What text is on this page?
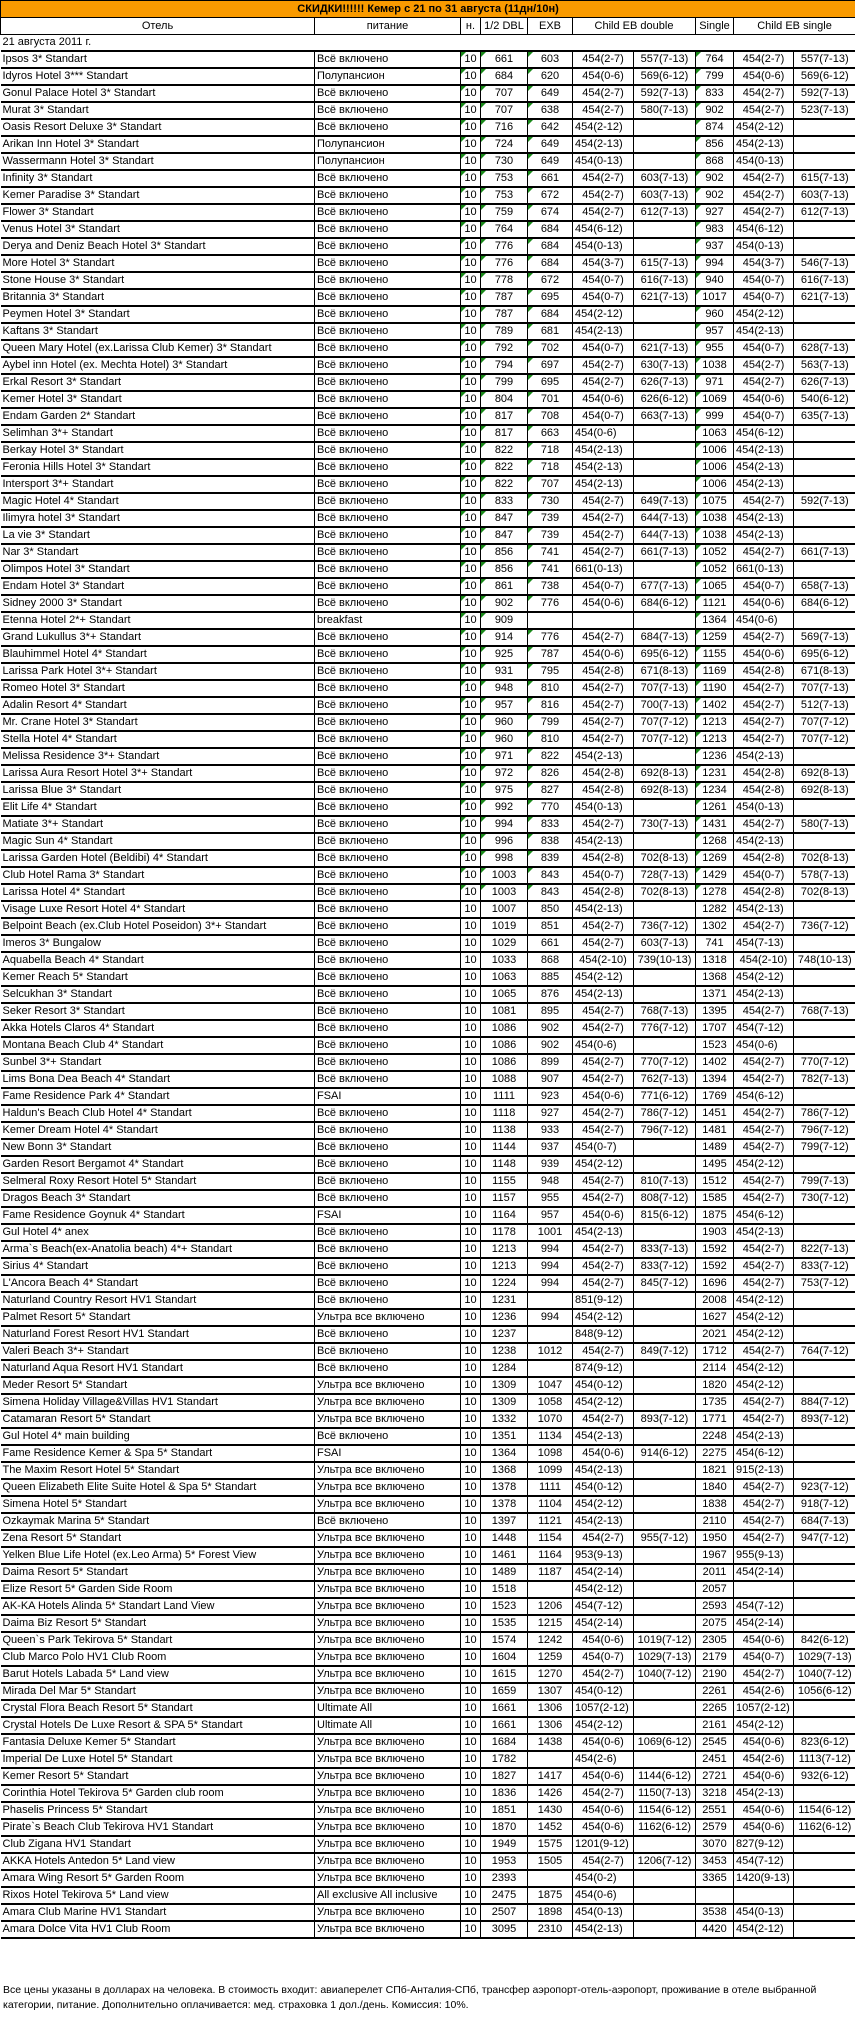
СКИДКИ!!!!!! Кемер с 21 по 31 августа (11дн/10н)									
Отель	питание	н.	1/2 DBL	EXB	Child EB double		Single	Child EB single	
21 августа 2011 г.									
Ipsos 3* Standart	Всё включено	10	661	603	454(2-7)	557(7-13)	764	454(2-7)	557(7-13)
Idyros Hotel 3*** Standart	Полупансион	10	684	620	454(0-6)	569(6-12)	799	454(0-6)	569(6-12)
Gonul Palace Hotel 3* Standart	Всё включено	10	707	649	454(2-7)	592(7-13)	833	454(2-7)	592(7-13)
Murat 3* Standart	Всё включено	10	707	638	454(2-7)	580(7-13)	902	454(2-7)	523(7-13)
Oasis Resort Deluxe 3* Standart	Всё включено	10	716	642	454(2-12)		874	454(2-12)	
Arikan Inn Hotel 3* Standart	Полупансион	10	724	649	454(2-13)		856	454(2-13)	
Wassermann Hotel 3* Standart	Полупансион	10	730	649	454(0-13)		868	454(0-13)	
Infinity 3* Standart	Всё включено	10	753	661	454(2-7)	603(7-13)	902	454(2-7)	615(7-13)
Kemer Paradise 3* Standart	Всё включено	10	753	672	454(2-7)	603(7-13)	902	454(2-7)	603(7-13)
Flower 3* Standart	Всё включено	10	759	674	454(2-7)	612(7-13)	927	454(2-7)	612(7-13)
Venus Hotel 3* Standart	Всё включено	10	764	684	454(6-12)		983	454(6-12)	
Derya and Deniz Beach Hotel 3* Standart	Всё включено	10	776	684	454(0-13)		937	454(0-13)	
More Hotel 3* Standart	Всё включено	10	776	684	454(3-7)	615(7-13)	994	454(3-7)	546(7-13)
Stone House 3* Standart	Всё включено	10	778	672	454(0-7)	616(7-13)	940	454(0-7)	616(7-13)
Britannia 3* Standart	Всё включено	10	787	695	454(0-7)	621(7-13)	1017	454(0-7)	621(7-13)
Peymen Hotel 3* Standart	Всё включено	10	787	684	454(2-12)		960	454(2-12)	
Kaftans 3* Standart	Всё включено	10	789	681	454(2-13)		957	454(2-13)	
Queen Mary Hotel (ex.Larissa Club Kemer) 3* Standart	Всё включено	10	792	702	454(0-7)	621(7-13)	955	454(0-7)	628(7-13)
Aybel inn Hotel (ex. Mechta Hotel) 3* Standart	Всё включено	10	794	697	454(2-7)	630(7-13)	1038	454(2-7)	563(7-13)
Erkal Resort 3* Standart	Всё включено	10	799	695	454(2-7)	626(7-13)	971	454(2-7)	626(7-13)
Kemer Hotel 3* Standart	Всё включено	10	804	701	454(0-6)	626(6-12)	1069	454(0-6)	540(6-12)
Endam Garden 2* Standart	Всё включено	10	817	708	454(0-7)	663(7-13)	999	454(0-7)	635(7-13)
Selimhan 3*+ Standart	Всё включено	10	817	663	454(0-6)		1063	454(6-12)	
Berkay Hotel 3* Standart	Всё включено	10	822	718	454(2-13)		1006	454(2-13)	
Feronia Hills Hotel 3* Standart	Всё включено	10	822	718	454(2-13)		1006	454(2-13)	
Intersport 3*+ Standart	Всё включено	10	822	707	454(2-13)		1006	454(2-13)	
Magic Hotel 4* Standart	Всё включено	10	833	730	454(2-7)	649(7-13)	1075	454(2-7)	592(7-13)
Ilimyra hotel 3* Standart	Всё включено	10	847	739	454(2-7)	644(7-13)	1038	454(2-13)	
La vie 3* Standart	Всё включено	10	847	739	454(2-7)	644(7-13)	1038	454(2-13)	
Nar 3* Standart	Всё включено	10	856	741	454(2-7)	661(7-13)	1052	454(2-7)	661(7-13)
Olimpos Hotel 3* Standart	Всё включено	10	856	741	661(0-13)		1052	661(0-13)	
Endam Hotel 3* Standart	Всё включено	10	861	738	454(0-7)	677(7-13)	1065	454(0-7)	658(7-13)
Sidney 2000 3* Standart	Всё включено	10	902	776	454(0-6)	684(6-12)	1121	454(0-6)	684(6-12)
Etenna Hotel 2*+ Standart	breakfast	10	909				1364	454(0-6)	
Grand Lukullus 3*+ Standart	Всё включено	10	914	776	454(2-7)	684(7-13)	1259	454(2-7)	569(7-13)
Blauhimmel Hotel 4* Standart	Всё включено	10	925	787	454(0-6)	695(6-12)	1155	454(0-6)	695(6-12)
Larissa Park Hotel 3*+ Standart	Всё включено	10	931	795	454(2-8)	671(8-13)	1169	454(2-8)	671(8-13)
Romeo Hotel 3* Standart	Всё включено	10	948	810	454(2-7)	707(7-13)	1190	454(2-7)	707(7-13)
Adalin Resort 4* Standart	Всё включено	10	957	816	454(2-7)	700(7-13)	1402	454(2-7)	512(7-13)
Mr. Crane Hotel 3* Standart	Всё включено	10	960	799	454(2-7)	707(7-12)	1213	454(2-7)	707(7-12)
Stella Hotel 4* Standart	Всё включено	10	960	810	454(2-7)	707(7-12)	1213	454(2-7)	707(7-12)
Melissa Residence 3*+ Standart	Всё включено	10	971	822	454(2-13)		1236	454(2-13)	
Larissa Aura Resort Hotel 3*+ Standart	Всё включено	10	972	826	454(2-8)	692(8-13)	1231	454(2-8)	692(8-13)
Larissa Blue 3* Standart	Всё включено	10	975	827	454(2-8)	692(8-13)	1234	454(2-8)	692(8-13)
Elit Life 4* Standart	Всё включено	10	992	770	454(0-13)		1261	454(0-13)	
Matiate 3*+ Standart	Всё включено	10	994	833	454(2-7)	730(7-13)	1431	454(2-7)	580(7-13)
Magic Sun 4* Standart	Всё включено	10	996	838	454(2-13)		1268	454(2-13)	
Larissa Garden Hotel (Beldibi) 4* Standart	Всё включено	10	998	839	454(2-8)	702(8-13)	1269	454(2-8)	702(8-13)
Club Hotel Rama 3* Standart	Всё включено	10	1003	843	454(0-7)	728(7-13)	1429	454(0-7)	578(7-13)
Larissa Hotel 4* Standart	Всё включено	10	1003	843	454(2-8)	702(8-13)	1278	454(2-8)	702(8-13)
Visage Luxe Resort Hotel 4* Standart	Всё включено	10	1007	850	454(2-13)		1282	454(2-13)	
Belpoint Beach (ex.Club Hotel Poseidon) 3*+ Standart	Всё включено	10	1019	851	454(2-7)	736(7-12)	1302	454(2-7)	736(7-12)
Imeros 3* Bungalow	Всё включено	10	1029	661	454(2-7)	603(7-13)	741	454(7-13)	
Aquabella Beach 4* Standart	Всё включено	10	1033	868	454(2-10)	739(10-13)	1318	454(2-10)	748(10-13)
Kemer Reach 5* Standart	Всё включено	10	1063	885	454(2-12)		1368	454(2-12)	
Selcukhan 3* Standart	Всё включено	10	1065	876	454(2-13)		1371	454(2-13)	
Seker Resort 3* Standart	Всё включено	10	1081	895	454(2-7)	768(7-13)	1395	454(2-7)	768(7-13)
Akka Hotels Claros 4* Standart	Всё включено	10	1086	902	454(2-7)	776(7-12)	1707	454(7-12)	
Montana Beach Club 4* Standart	Всё включено	10	1086	902	454(0-6)		1523	454(0-6)	
Sunbel 3*+ Standart	Всё включено	10	1086	899	454(2-7)	770(7-12)	1402	454(2-7)	770(7-12)
Lims Bona Dea Beach 4* Standart	Всё включено	10	1088	907	454(2-7)	762(7-13)	1394	454(2-7)	782(7-13)
Fame Residence Park 4* Standart	FSAI	10	1111	923	454(0-6)	771(6-12)	1769	454(6-12)	
Haldun's Beach Club Hotel 4* Standart	Всё включено	10	1118	927	454(2-7)	786(7-12)	1451	454(2-7)	786(7-12)
Kemer Dream Hotel 4* Standart	Всё включено	10	1138	933	454(2-7)	796(7-12)	1481	454(2-7)	796(7-12)
New Bonn 3* Standart	Всё включено	10	1144	937	454(0-7)		1489	454(2-7)	799(7-12)
Garden Resort Bergamot 4* Standart	Всё включено	10	1148	939	454(2-12)		1495	454(2-12)	
Selmeral Roxy Resort Hotel 5* Standart	Всё включено	10	1155	948	454(2-7)	810(7-13)	1512	454(2-7)	799(7-13)
Dragos Beach 3* Standart	Всё включено	10	1157	955	454(2-7)	808(7-12)	1585	454(2-7)	730(7-12)
Fame Residence Goynuk 4* Standart	FSAI	10	1164	957	454(0-6)	815(6-12)	1875	454(6-12)	
Gul Hotel 4* anex	Всё включено	10	1178	1001	454(2-13)		1903	454(2-13)	
Arma`s Beach(ex-Anatolia beach) 4*+ Standart	Всё включено	10	1213	994	454(2-7)	833(7-13)	1592	454(2-7)	822(7-13)
Sirius 4* Standart	Всё включено	10	1213	994	454(2-7)	833(7-12)	1592	454(2-7)	833(7-12)
L'Ancora Beach 4* Standart	Всё включено	10	1224	994	454(2-7)	845(7-12)	1696	454(2-7)	753(7-12)
Naturland Country Resort HV1 Standart	Всё включено	10	1231		851(9-12)		2008	454(2-12)	
Palmet Resort 5* Standart	Ультра все включено	10	1236	994	454(2-12)		1627	454(2-12)	
Naturland Forest Resort HV1 Standart	Всё включено	10	1237		848(9-12)		2021	454(2-12)	
Valeri Beach 3*+ Standart	Всё включено	10	1238	1012	454(2-7)	849(7-12)	1712	454(2-7)	764(7-12)
Naturland Aqua Resort HV1 Standart	Всё включено	10	1284		874(9-12)		2114	454(2-12)	
Meder Resort 5* Standart	Ультра все включено	10	1309	1047	454(0-12)		1820	454(2-12)	
Simena Holiday Village&Villas HV1 Standart	Ультра все включено	10	1309	1058	454(2-12)		1735	454(2-7)	884(7-12)
Catamaran Resort 5* Standart	Ультра все включено	10	1332	1070	454(2-7)	893(7-12)	1771	454(2-7)	893(7-12)
Gul Hotel 4* main building	Всё включено	10	1351	1134	454(2-13)		2248	454(2-13)	
Fame Residence Kemer & Spa 5* Standart	FSAI	10	1364	1098	454(0-6)	914(6-12)	2275	454(6-12)	
The Maxim Resort Hotel 5* Standart	Ультра все включено	10	1368	1099	454(2-13)		1821	915(2-13)	
Queen Elizabeth Elite Suite Hotel & Spa 5* Standart	Ультра все включено	10	1378	1111	454(0-12)		1840	454(2-7)	923(7-12)
Simena Hotel 5* Standart	Ультра все включено	10	1378	1104	454(2-12)		1838	454(2-7)	918(7-12)
Ozkaymak Marina 5* Standart	Всё включено	10	1397	1121	454(2-13)		2110	454(2-7)	684(7-13)
Zena Resort 5* Standart	Ультра все включено	10	1448	1154	454(2-7)	955(7-12)	1950	454(2-7)	947(7-12)
Yelken Blue Life Hotel (ex.Leo Arma) 5* Forest View	Ультра все включено	10	1461	1164	953(9-13)		1967	955(9-13)	
Daima Resort 5* Standart	Ультра все включено	10	1489	1187	454(2-14)		2011	454(2-14)	
Elize Resort 5* Garden Side Room	Ультра все включено	10	1518		454(2-12)		2057		
AK-KA Hotels Alinda 5* Standart Land View	Ультра все включено	10	1523	1206	454(7-12)		2593	454(7-12)	
Daima Biz Resort 5* Standart	Ультра все включено	10	1535	1215	454(2-14)		2075	454(2-14)	
Queen`s Park Tekirova 5* Standart	Ультра все включено	10	1574	1242	454(0-6)	1019(7-12)	2305	454(0-6)	842(6-12)
Club Marco Polo HV1 Club Room	Ультра все включено	10	1604	1259	454(0-7)	1029(7-13)	2179	454(0-7)	1029(7-13)
Barut Hotels Labada 5* Land view	Ультра все включено	10	1615	1270	454(2-7)	1040(7-12)	2190	454(2-7)	1040(7-12)
Mirada Del Mar 5* Standart	Ультра все включено	10	1659	1307	454(0-12)		2261	454(2-6)	1056(6-12)
Crystal Flora Beach Resort 5* Standart	Ultimate All	10	1661	1306	1057(2-12)		2265	1057(2-12)	
Crystal Hotels De Luxe Resort & SPA 5* Standart	Ultimate All	10	1661	1306	454(2-12)		2161	454(2-12)	
Fantasia Deluxe Kemer 5* Standart	Ультра все включено	10	1684	1438	454(0-6)	1069(6-12)	2545	454(0-6)	823(6-12)
Imperial De Luxe Hotel 5* Standart	Ультра все включено	10	1782		454(2-6)		2451	454(2-6)	1113(7-12)
Kemer Resort 5* Standart	Ультра все включено	10	1827	1417	454(0-6)	1144(6-12)	2721	454(0-6)	932(6-12)
Corinthia Hotel Tekirova 5* Garden club room	Ультра все включено	10	1836	1426	454(2-7)	1150(7-13)	3218	454(2-13)	
Phaselis Princess 5* Standart	Ультра все включено	10	1851	1430	454(0-6)	1154(6-12)	2551	454(0-6)	1154(6-12)
Pirate`s Beach Club Tekirova HV1 Standart	Ультра все включено	10	1870	1452	454(0-6)	1162(6-12)	2579	454(0-6)	1162(6-12)
Club Zigana HV1 Standart	Ультра все включено	10	1949	1575	1201(9-12)		3070	827(9-12)	
AKKA Hotels Antedon 5* Land view	Ультра все включено	10	1953	1505	454(2-7)	1206(7-12)	3453	454(7-12)	
Amara Wing Resort 5* Garden Room	Ультра все включено	10	2393		454(0-2)		3365	1420(9-13)	
Rixos Hotel Tekirova 5* Land view	All exclusive All inclusive	10	2475	1875	454(0-6)				
Amara Club Marine HV1 Standart	Ультра все включено	10	2507	1898	454(0-13)		3538	454(0-13)	
Amara Dolce Vita HV1 Club Room	Ультра все включено	10	3095	2310	454(2-13)		4420	454(2-12)	
Все цены указаны в долларах на человека. В стоимость входит: авиаперелет СПб-Анталия-СПб, трансфер аэропорт-отель-аэропорт, проживание в отеле выбранной категории, питание. Дополнительно оплачивается: мед. страховка 1 дол./день. Комиссия: 10%.
